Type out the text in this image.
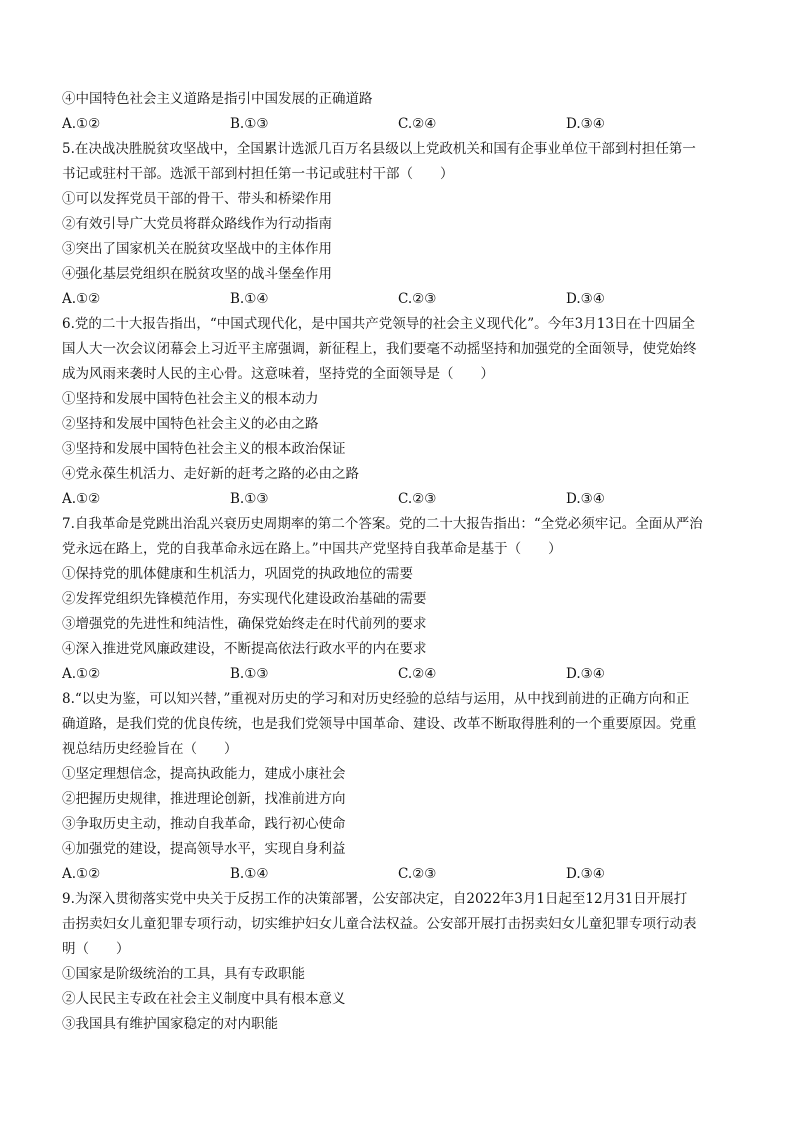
④中国特色社会主义道路是指引中国发展的正确道路
A.①②	B.①③	C.②④	D.③④
5.在决战决胜脱贫攻坚战中，全国累计选派几百万名县级以上党政机关和国有企事业单位干部到村担任第一
书记或驻村干部。选派干部到村担任第一书记或驻村干部（　　）
①可以发挥党员干部的骨干、带头和桥梁作用
②有效引导广大党员将群众路线作为行动指南
③突出了国家机关在脱贫攻坚战中的主体作用
④强化基层党组织在脱贫攻坚的战斗堡垒作用
A.①②	B.①④	C.②③	D.③④
6.党的二十大报告指出，“中国式现代化，是中国共产党领导的社会主义现代化”。今年3月13日在十四届全
国人大一次会议闭幕会上习近平主席强调，新征程上，我们要毫不动摇坚持和加强党的全面领导，使党始终
成为风雨来袭时人民的主心骨。这意味着，坚持党的全面领导是（　　）
①坚持和发展中国特色社会主义的根本动力
②坚持和发展中国特色社会主义的必由之路
③坚持和发展中国特色社会主义的根本政治保证
④党永葆生机活力、走好新的赶考之路的必由之路
A.①②	B.①③	C.②③	D.③④
7.自我革命是党跳出治乱兴衰历史周期率的第二个答案。党的二十大报告指出：“全党必须牢记。全面从严治
党永远在路上，党的自我革命永远在路上。”中国共产党坚持自我革命是基于（　　）
①保持党的肌体健康和生机活力，巩固党的执政地位的需要
②发挥党组织先锋模范作用，夯实现代化建设政治基础的需要
③增强党的先进性和纯洁性，确保党始终走在时代前列的要求
④深入推进党风廉政建设，不断提高依法行政水平的内在要求
A.①②	B.①③	C.②④	D.③④
8.“以史为鉴，可以知兴替，”重视对历史的学习和对历史经验的总结与运用，从中找到前进的正确方向和正
确道路，是我们党的优良传统，也是我们党领导中国革命、建设、改革不断取得胜利的一个重要原因。党重
视总结历史经验旨在（　　）
①坚定理想信念，提高执政能力，建成小康社会
②把握历史规律，推进理论创新，找准前进方向
③争取历史主动，推动自我革命，践行初心使命
④加强党的建设，提高领导水平，实现自身利益
A.①②	B.①④	C.②③	D.③④
9.为深入贯彻落实党中央关于反拐工作的决策部署，公安部决定，自2022年3月1日起至12月31日开展打
击拐卖妇女儿童犯罪专项行动，切实维护妇女儿童合法权益。公安部开展打击拐卖妇女儿童犯罪专项行动表
明（　　）
①国家是阶级统治的工具，具有专政职能
②人民民主专政在社会主义制度中具有根本意义
③我国具有维护国家稳定的对内职能
